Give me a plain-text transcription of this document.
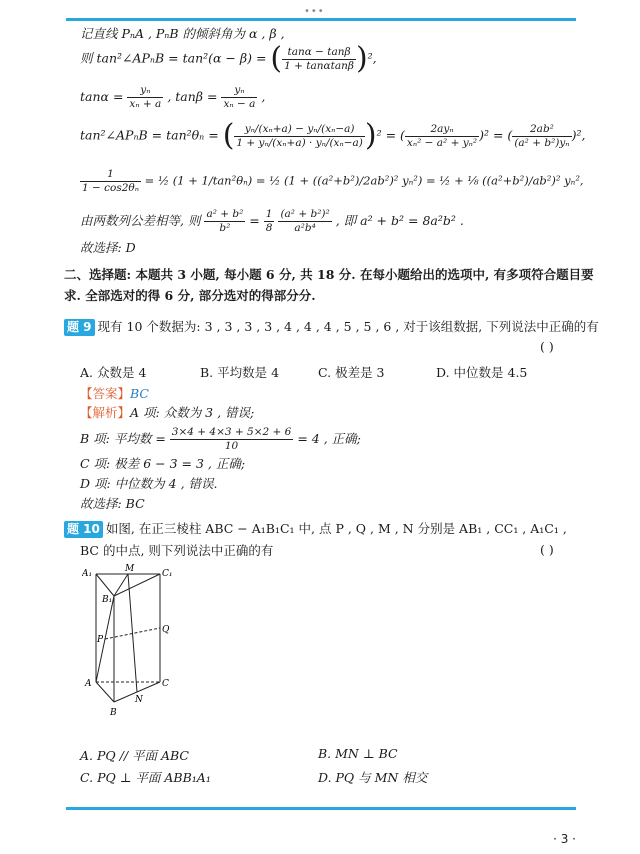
•••
记直线 PₙA , PₙB 的倾斜角为 α , β ,
则 tan²∠APₙB = tan²(α − β) = ( $\frac{\tan\alpha - \tan\beta}{1 + \tan\alpha\tan\beta} )^2$,
$\tan\alpha = \frac{\text{yₙ}}{\text{xₙ + a}}$ , $\tan\beta = \frac{\text{yₙ}}{\text{xₙ − a}}$ ,
tan²∠APₙB = tan²θₙ = ( $\frac{\text{yₙ/(xₙ+a) − yₙ/(xₙ−a)}}{\text{1 + yₙ/(xₙ+a) · yₙ/(xₙ−a)}} )^2$ = ( $\frac{\text{2ayₙ}}{\text{xₙ² − a² + yₙ²}} )^2$ = ( $\frac{\text{2ab²}}{\text{(a² + b²)yₙ}} )^2$,
$\frac{1}{\text{1 − cos2θₙ}}$ = ½ (1 + 1/tan²θₙ) = ½ (1 + ((a²+b²)/2ab²)² yₙ²) = ½ + ⅛ ((a²+b²)/ab²)² yₙ²,
由两数列公差相等, 则 $\frac{\text{a² + b²}}{\text{b²}} = \frac{1}{8}$
$\frac{\text{(a² + b²)²}}{\text{a²b⁴}}$ , 即 a² + b² = 8a²b² .
故选择: D
二、选择题: 本题共 3 小题, 每小题 6 分, 共 18 分. 在每小题给出的选项中, 有多项符合题目要
求. 全部选对的得 6 分, 部分选对的得部分分.
题 9 现有 10 个数据为: 3 , 3 , 3 , 3 , 4 , 4 , 4 , 5 , 5 , 6 , 对于该组数据, 下列说法中正确的有
( )
A. 众数是 4	B. 平均数是 4	C. 极差是 3	D. 中位数是 4.5
【答案】BC
【解析】A 项: 众数为 3 , 错误;
B 项: 平均数 = $\frac{3\times 4 + 4\times 3 + 5\times 2 + 6}{10} = 4$ , 正确;
C 项: 极差 6 − 3 = 3 , 正确;
D 项: 中位数为 4 , 错误.
故选择: BC
题 10 如图, 在正三棱柱 ABC − A₁B₁C₁ 中, 点 P , Q , M , N 分别是 AB₁ , CC₁ , A₁C₁ ,
BC 的中点, 则下列说法中正确的有	( )
A₁	M	C₁
B₁
P
Q
A	C
N
B
A. PQ // 平面 ABC	B. MN ⊥ BC
C. PQ ⊥ 平面 ABB₁A₁	D. PQ 与 MN 相交
· 3 ·
